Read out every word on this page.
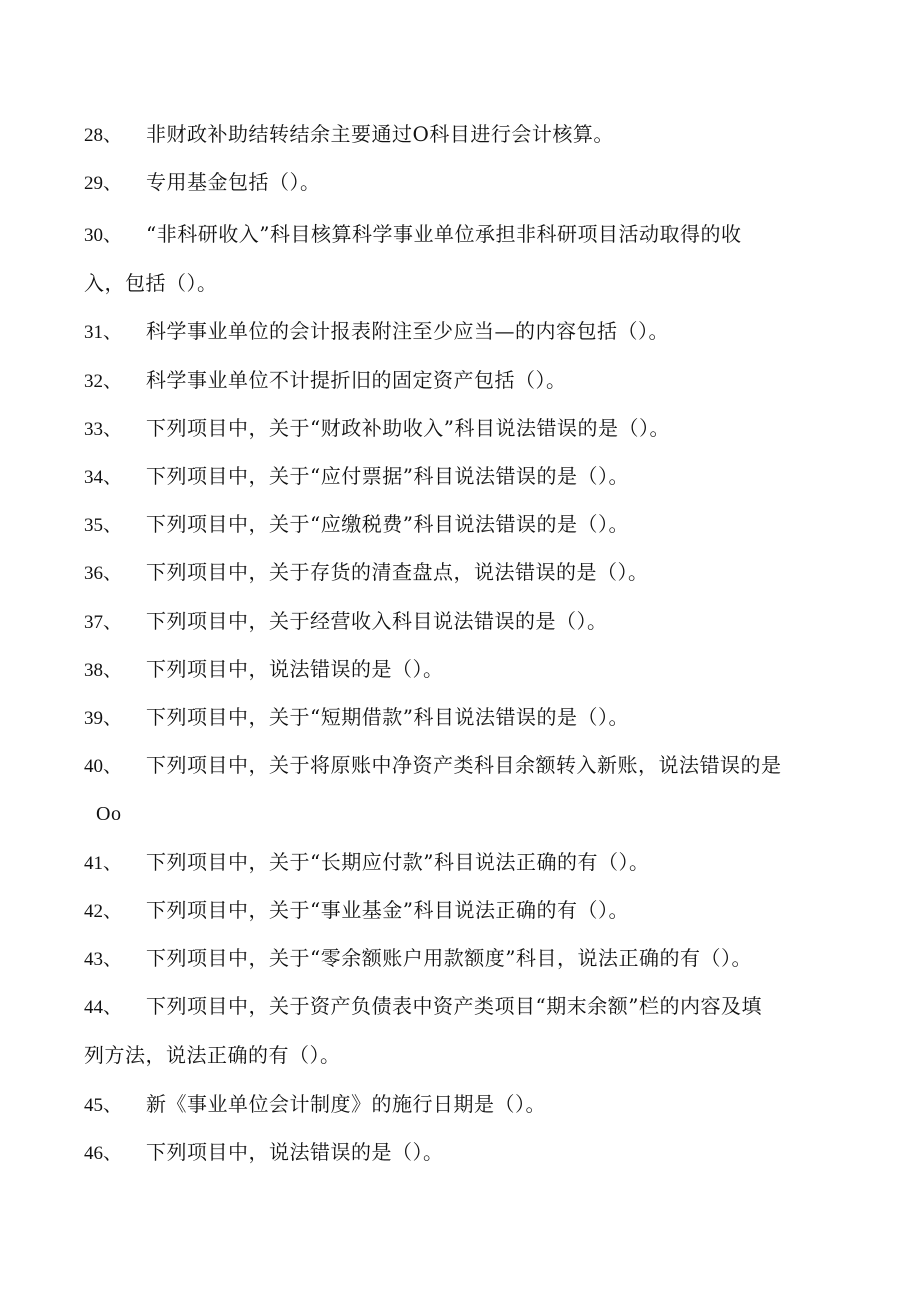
28、 非财政补助结转结余主要通过O科目进行会计核算。
29、 专用基金包括（）。
30、 “非科研收入”科目核算科学事业单位承担非科研项目活动取得的收
入，包括（）。
31、 科学事业单位的会计报表附注至少应当—的内容包括（）。
32、 科学事业单位不计提折旧的固定资产包括（）。
33、 下列项目中，关于“财政补助收入”科目说法错误的是（）。
34、 下列项目中，关于“应付票据”科目说法错误的是（）。
35、 下列项目中，关于“应缴税费”科目说法错误的是（）。
36、 下列项目中，关于存货的清查盘点，说法错误的是（）。
37、 下列项目中，关于经营收入科目说法错误的是（）。
38、 下列项目中，说法错误的是（）。
39、 下列项目中，关于“短期借款”科目说法错误的是（）。
40、 下列项目中，关于将原账中净资产类科目余额转入新账，说法错误的是
Oo
41、 下列项目中，关于“长期应付款”科目说法正确的有（）。
42、 下列项目中，关于“事业基金”科目说法正确的有（）。
43、 下列项目中，关于“零余额账户用款额度”科目，说法正确的有（）。
44、 下列项目中，关于资产负债表中资产类项目“期末余额”栏的内容及填
列方法，说法正确的有（）。
45、 新《事业单位会计制度》的施行日期是（）。
46、 下列项目中，说法错误的是（）。
